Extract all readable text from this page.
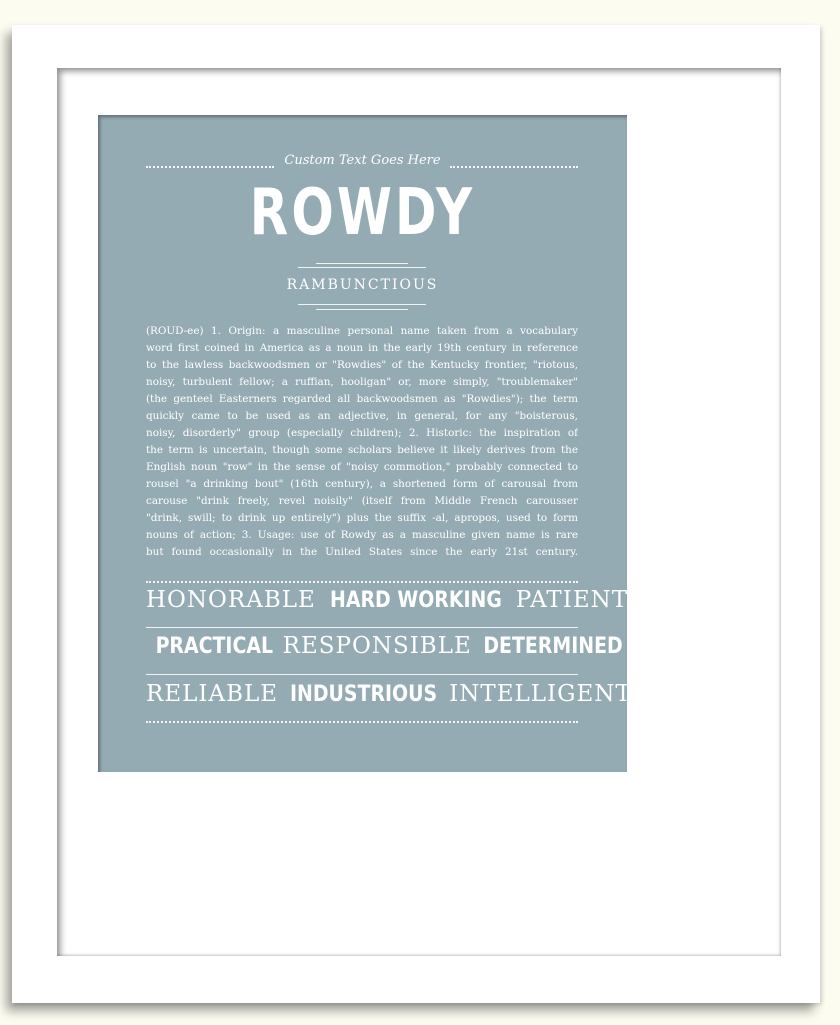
Custom Text Goes Here
ROWDY
RAMBUNCTIOUS
(ROUD-ee) 1. Origin: a masculine personal name taken from a vocabulary
word first coined in America as a noun in the early 19th century in reference
to the lawless backwoodsmen or "Rowdies" of the Kentucky frontier, "riotous,
noisy, turbulent fellow; a ruffian, hooligan" or, more simply, "troublemaker"
(the genteel Easterners regarded all backwoodsmen as "Rowdies"); the term
quickly came to be used as an adjective, in general, for any "boisterous,
noisy, disorderly" group (especially children); 2. Historic: the inspiration of
the term is uncertain, though some scholars believe it likely derives from the
English noun "row" in the sense of "noisy commotion," probably connected to
rousel "a drinking bout" (16th century), a shortened form of carousal from
carouse "drink freely, revel noisily" (itself from Middle French carousser
"drink, swill; to drink up entirely") plus the suffix -al, apropos, used to form
nouns of action; 3. Usage: use of Rowdy as a masculine given name is rare
but found occasionally in the United States since the early 21st century.
HONORABLE HARD WORKING PATIENT
PRACTICAL RESPONSIBLE DETERMINED
RELIABLE INDUSTRIOUS INTELLIGENT
